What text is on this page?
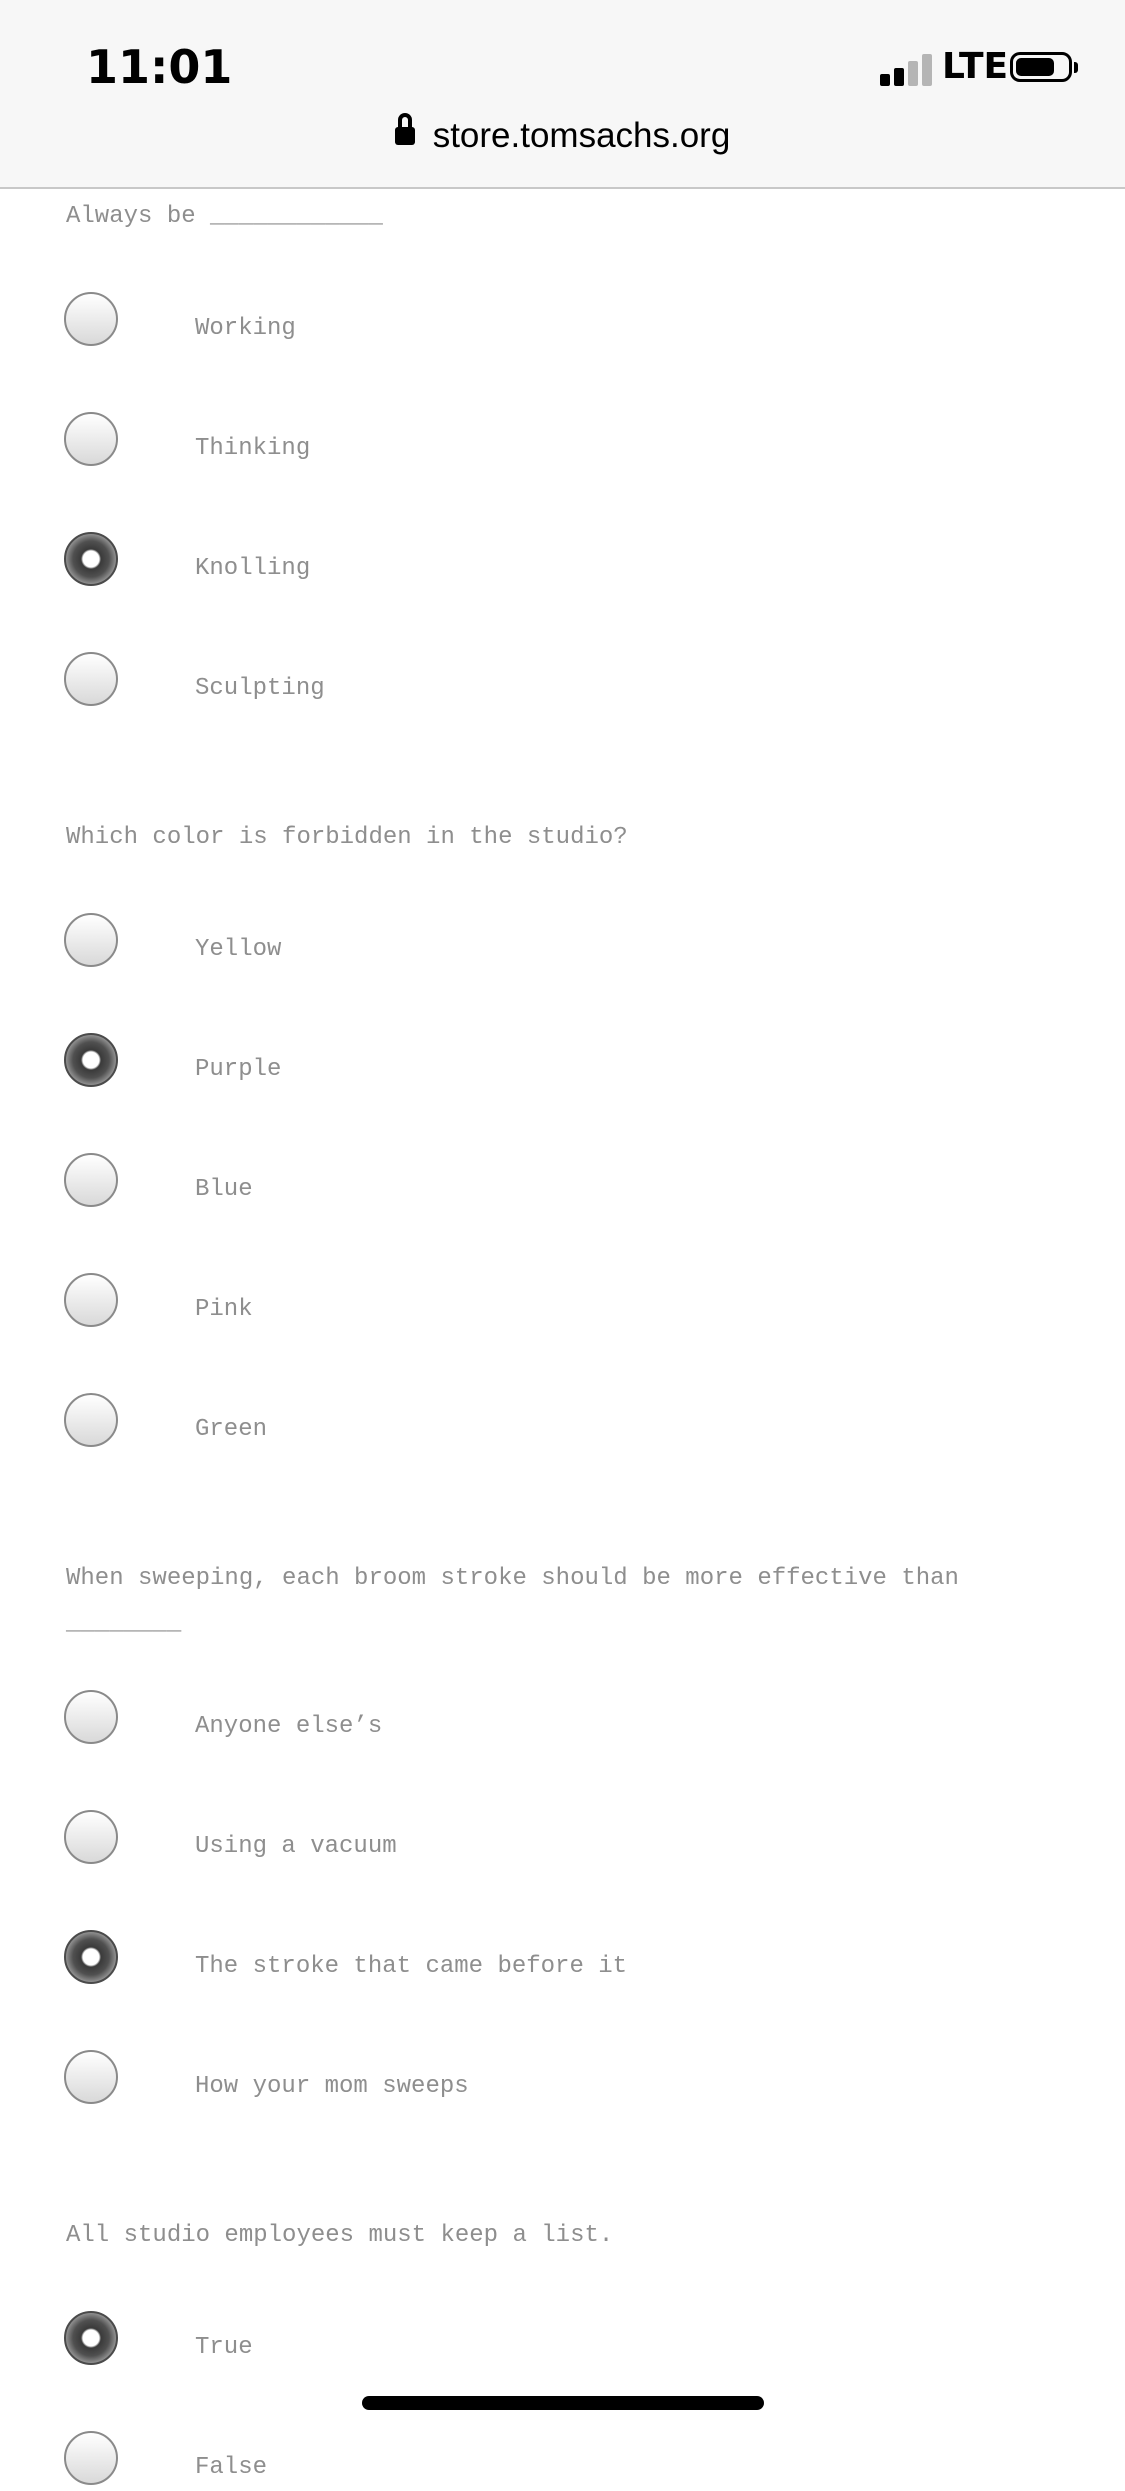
11:01	LTE
store.tomsachs.org
Always be ____________
Working
Thinking
Knolling
Sculpting
Which color is forbidden in the studio?
Yellow
Purple
Blue
Pink
Green
When sweeping, each broom stroke should be more effective than ________
Anyone else’s
Using a vacuum
The stroke that came before it
How your mom sweeps
All studio employees must keep a list.
True
False
